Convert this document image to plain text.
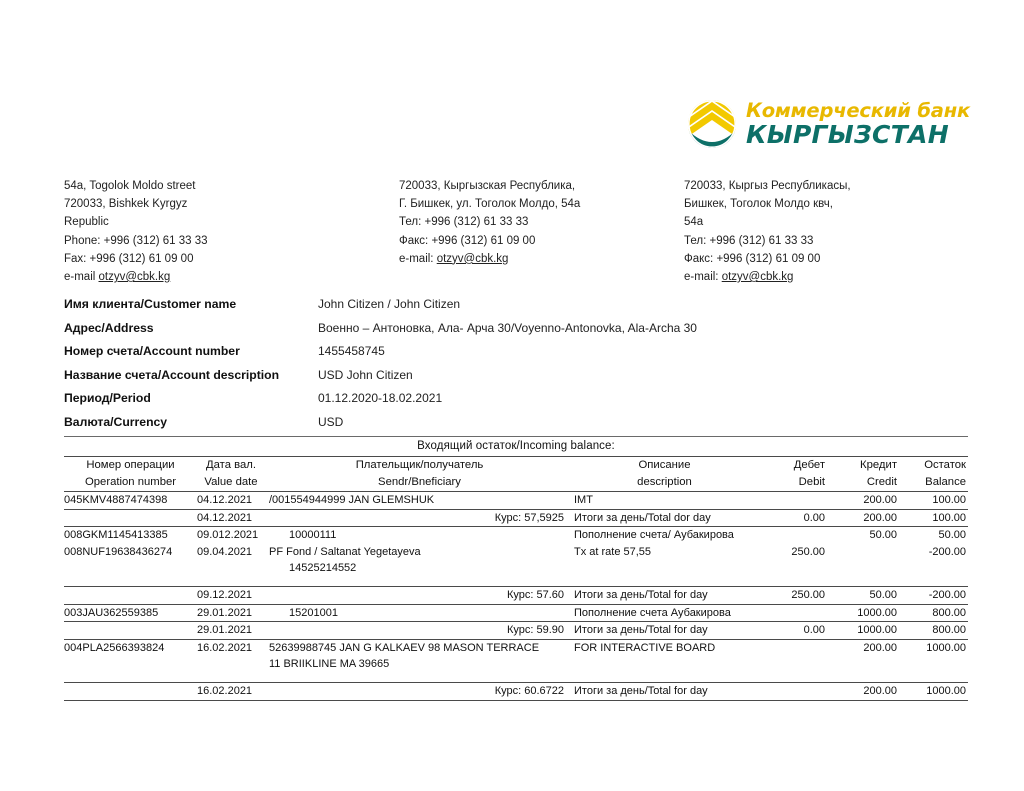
Коммерческий банк
КЫРГЫЗСТАН
54a, Togolok Moldo street
720033, Bishkek Kyrgyz
Republic
Phone: +996 (312) 61 33 33
Fax: +996 (312) 61 09 00
e-mail otzyv@cbk.kg
720033, Кыргызская Республика,
Г. Бишкек, ул. Тоголок Молдо, 54а
Тел: +996 (312) 61 33 33
Факс: +996 (312) 61 09 00
e-mail: otzyv@cbk.kg
720033, Кыргыз Республикасы,
Бишкек, Тоголок Молдо квч,
54а
Тел: +996 (312) 61 33 33
Факс: +996 (312) 61 09 00
e-mail: otzyv@cbk.kg
Имя клиента/Customer name	John Citizen / John Citizen
Адрес/Address	Военно – Антоновка, Ала- Арча 30/Voyenno-Antonovka, Ala-Archa 30
Номер счета/Account number	1455458745
Название счета/Account description	USD John Citizen
Период/Period	01.12.2020-18.02.2021
Валюта/Currency	USD
Входящий остаток/Incoming balance:
Номер операции	Дата вал.	Плательщик/получатель	Описание	Дебет	Кредит	Остаток
Operation number	Value date	Sendr/Bneficiary	description	Debit	Credit	Balance

045KMV4887474398	04.12.2021	/001554944999 JAN GLEMSHUK	IMT		200.00	100.00

	04.12.2021	Курс: 57,5925	Итоги за день/Total dor day	0.00	200.00	100.00

008GKM1145413385	09.012.2021	10000111	Пополнение счета/ Аубакирова		50.00	50.00
008NUF19638436274	09.04.2021	PF Fond / Saltanat Yegetayeva	Tx at rate 57,55	250.00		-200.00
		14525214552				

	09.12.2021	Курс: 57.60	Итоги за день/Total for day	250.00	50.00	-200.00

003JAU362559385	29.01.2021	15201001	Пополнение счета Аубакирова		1000.00	800.00

	29.01.2021	Курс: 59.90	Итоги за день/Total for day	0.00	1000.00	800.00

004PLA2566393824	16.02.2021	52639988745 JAN G KALKAEV 98 MASON TERRACE	FOR INTERACTIVE BOARD		200.00	1000.00
		11 BRIIKLINE MA 39665				

	16.02.2021	Курс: 60.6722	Итоги за день/Total for day		200.00	1000.00
